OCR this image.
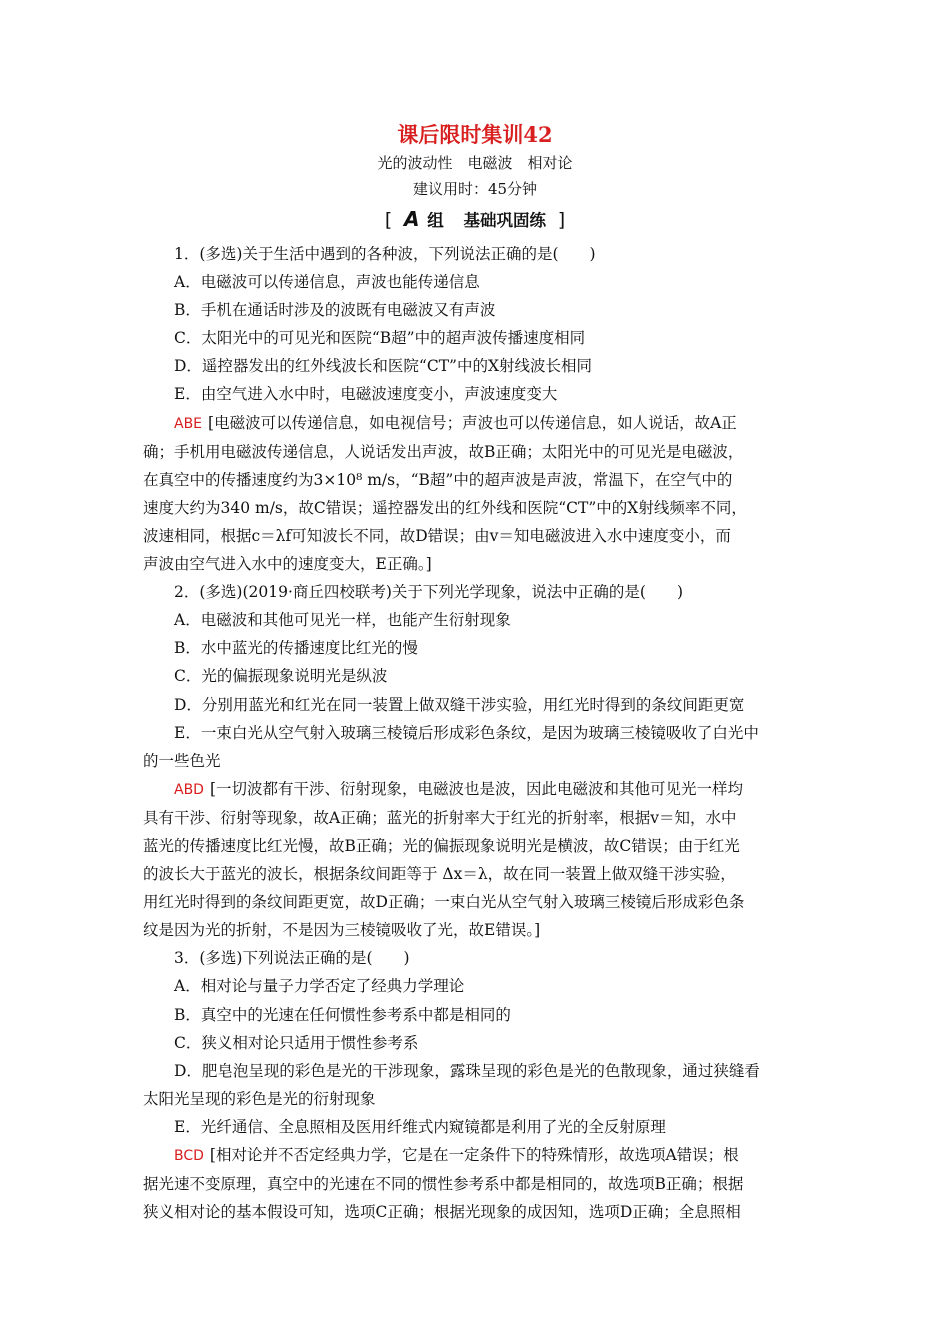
课后限时集训42

光的波动性　电磁波　相对论

建议用时：45分钟

[ A 组 基础巩固练 ]

1．(多选)关于生活中遇到的各种波，下列说法正确的是(　　)

A．电磁波可以传递信息，声波也能传递信息

B．手机在通话时涉及的波既有电磁波又有声波

C．太阳光中的可见光和医院“B超”中的超声波传播速度相同

D．遥控器发出的红外线波长和医院“CT”中的X射线波长相同

E．由空气进入水中时，电磁波速度变小，声波速度变大

ABE [电磁波可以传递信息，如电视信号；声波也可以传递信息，如人说话，故A正

确；手机用电磁波传递信息，人说话发出声波，故B正确；太阳光中的可见光是电磁波，

在真空中的传播速度约为3×10⁸ m/s，“B超”中的超声波是声波，常温下，在空气中的

速度大约为340 m/s，故C错误；遥控器发出的红外线和医院“CT”中的X射线频率不同，

波速相同，根据c＝λf可知波长不同，故D错误；由v＝知电磁波进入水中速度变小，而

声波由空气进入水中的速度变大，E正确。]

2．(多选)(2019·商丘四校联考)关于下列光学现象，说法中正确的是(　　)

A．电磁波和其他可见光一样，也能产生衍射现象

B．水中蓝光的传播速度比红光的慢

C．光的偏振现象说明光是纵波

D．分别用蓝光和红光在同一装置上做双缝干涉实验，用红光时得到的条纹间距更宽

E．一束白光从空气射入玻璃三棱镜后形成彩色条纹，是因为玻璃三棱镜吸收了白光中

的一些色光

ABD [一切波都有干涉、衍射现象，电磁波也是波，因此电磁波和其他可见光一样均

具有干涉、衍射等现象，故A正确；蓝光的折射率大于红光的折射率，根据v＝知，水中

蓝光的传播速度比红光慢，故B正确；光的偏振现象说明光是横波，故C错误；由于红光

的波长大于蓝光的波长，根据条纹间距等于 Δx＝λ，故在同一装置上做双缝干涉实验，

用红光时得到的条纹间距更宽，故D正确；一束白光从空气射入玻璃三棱镜后形成彩色条

纹是因为光的折射，不是因为三棱镜吸收了光，故E错误。]

3．(多选)下列说法正确的是(　　)

A．相对论与量子力学否定了经典力学理论

B．真空中的光速在任何惯性参考系中都是相同的

C．狭义相对论只适用于惯性参考系

D．肥皂泡呈现的彩色是光的干涉现象，露珠呈现的彩色是光的色散现象，通过狭缝看

太阳光呈现的彩色是光的衍射现象

E．光纤通信、全息照相及医用纤维式内窥镜都是利用了光的全反射原理

BCD [相对论并不否定经典力学，它是在一定条件下的特殊情形，故选项A错误；根

据光速不变原理，真空中的光速在不同的惯性参考系中都是相同的，故选项B正确；根据

狭义相对论的基本假设可知，选项C正确；根据光现象的成因知，选项D正确；全息照相
